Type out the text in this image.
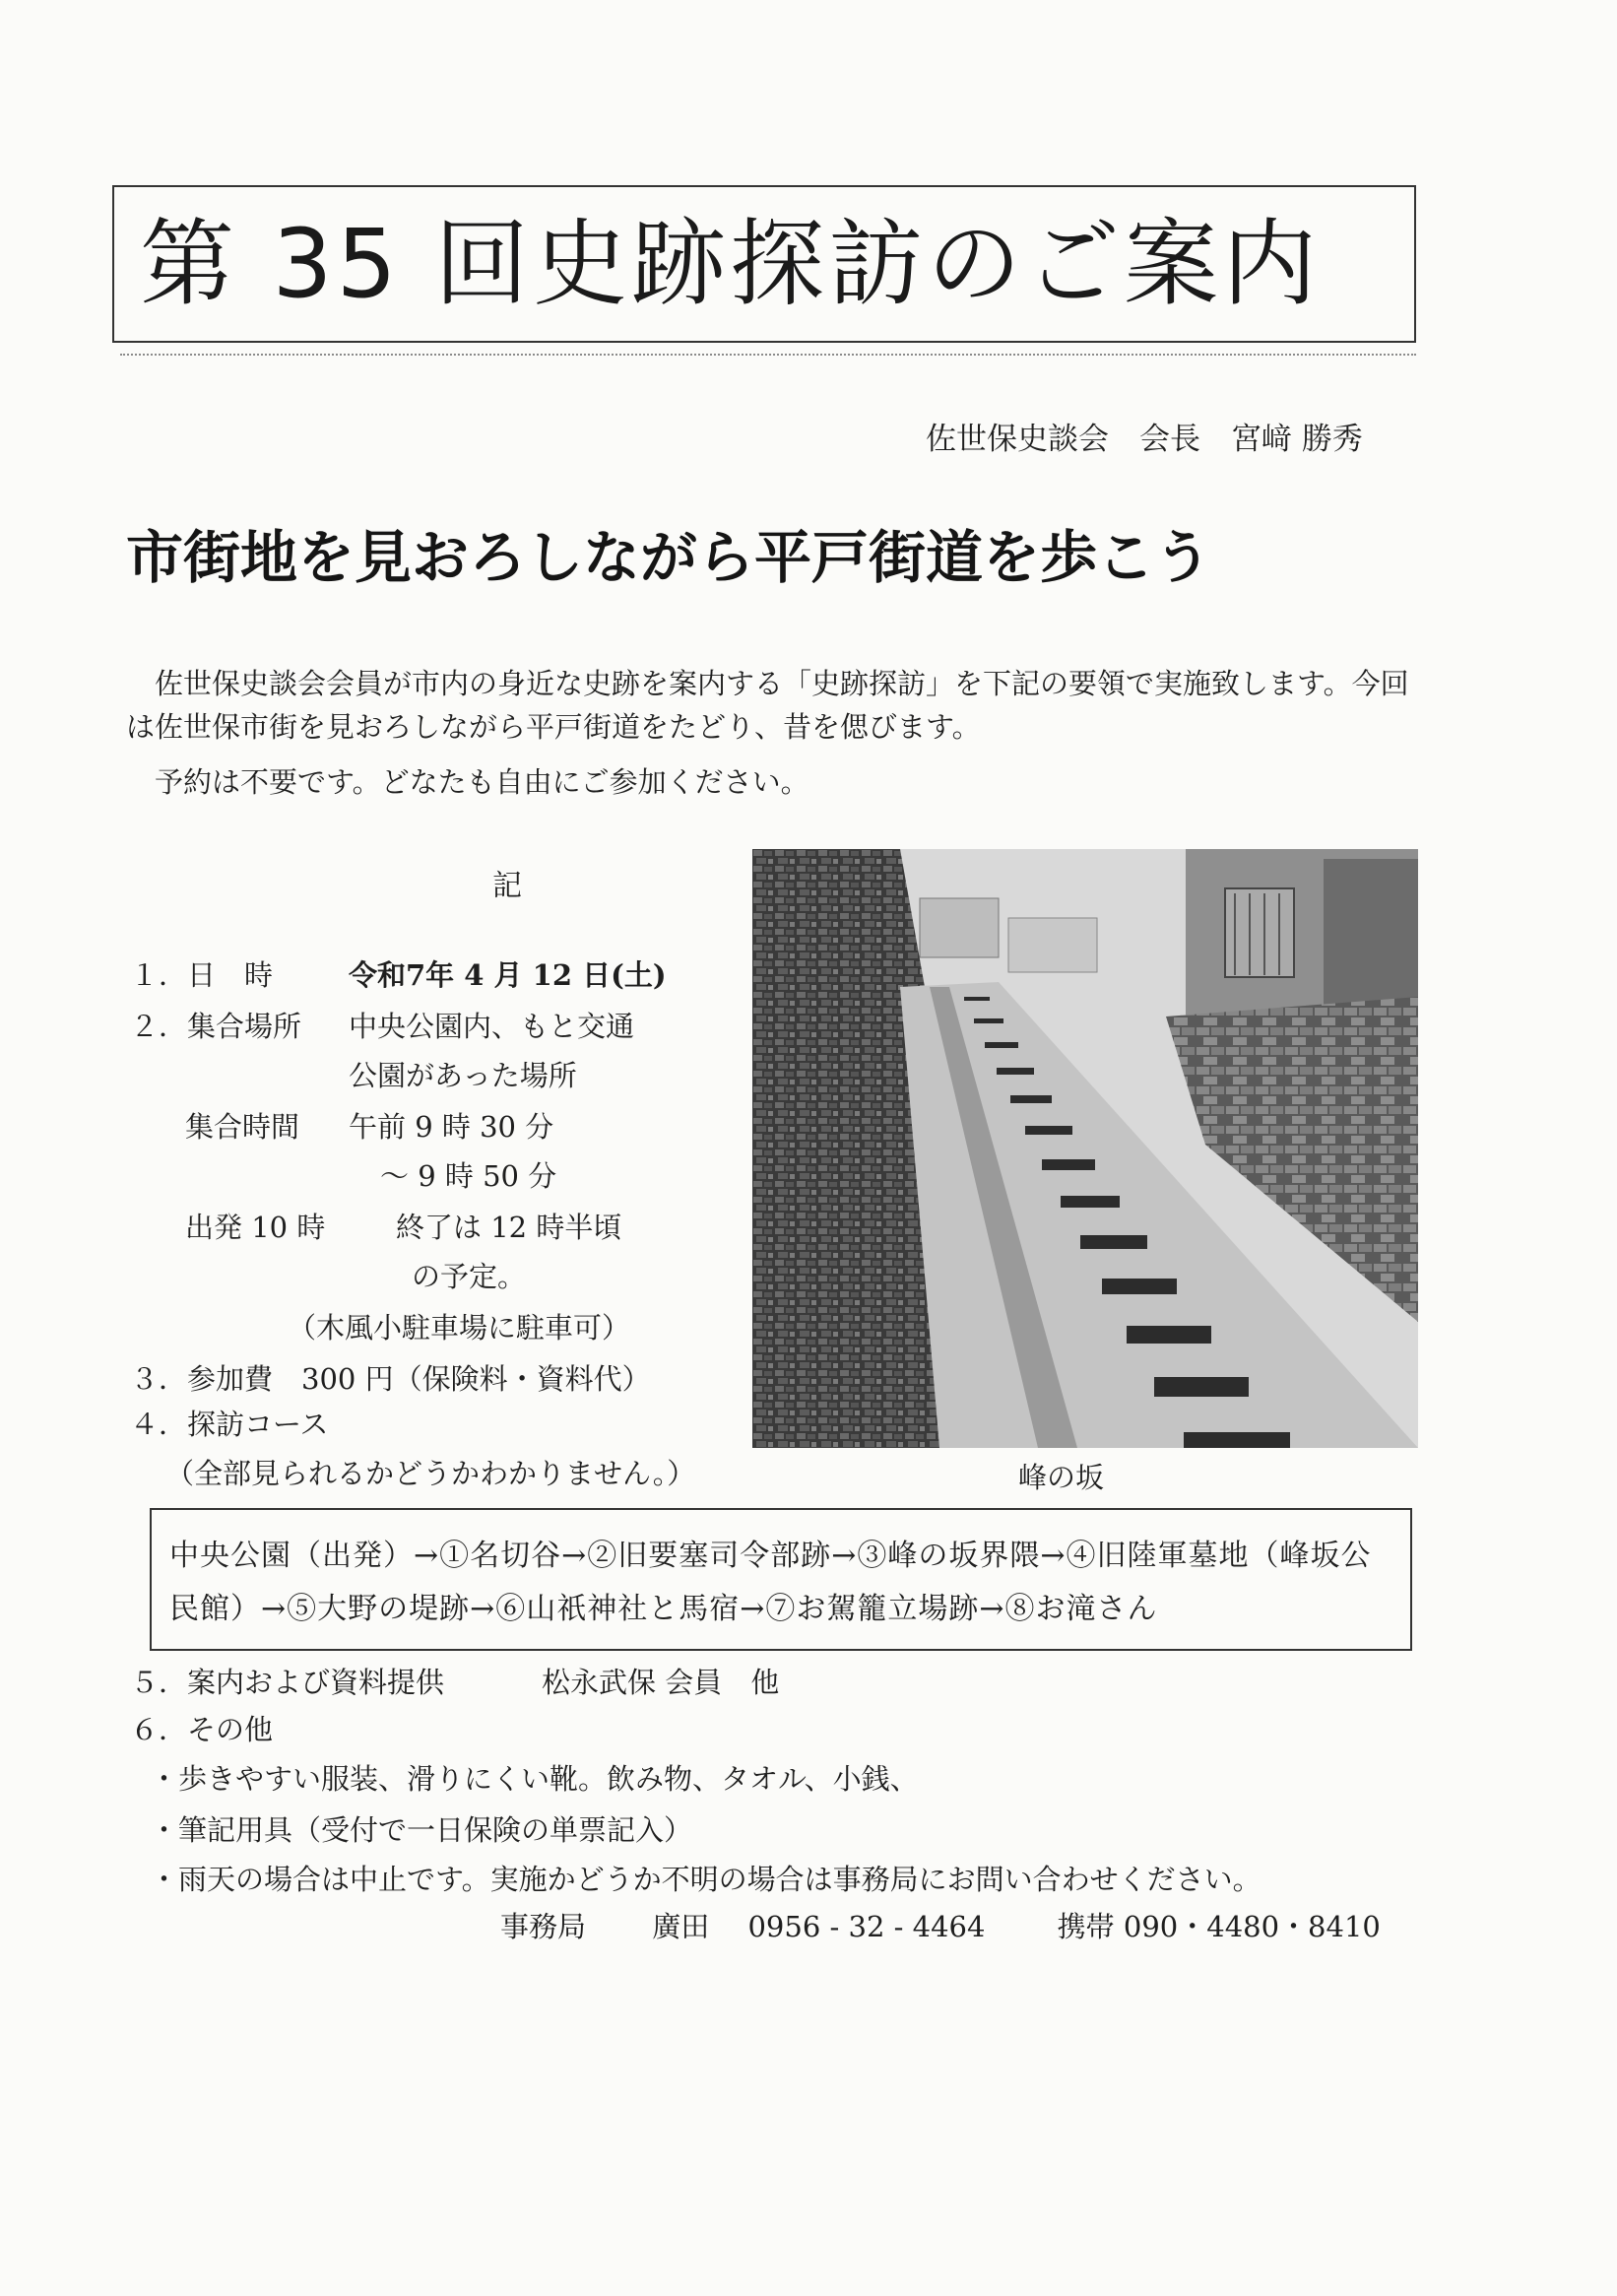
第 35 回史跡探訪のご案内
佐世保史談会　会長　宮﨑 勝秀
市街地を見おろしながら平戸街道を歩こう
佐世保史談会会員が市内の身近な史跡を案内する「史跡探訪」を下記の要領で実施致します。今回は佐世保市街を見おろしながら平戸街道をたどり、昔を偲びます。
予約は不要です。どなたも自由にご参加ください。
記
１．日　時	令和7年 4 月 12 日(土)
２．集合場所 中央公園内、もと交通
公園があった場所
集合時間 午前 9 時 30 分
～ 9 時 50 分
出発 10 時 終了は 12 時半頃
の予定。
（木風小駐車場に駐車可）
３．参加費　300 円（保険料・資料代）
４．探訪コース
（全部見られるかどうかわかりません。）	峰の坂
中央公園（出発）→①名切谷→②旧要塞司令部跡→③峰の坂界隈→④旧陸軍墓地（峰坂公民館）→⑤大野の堤跡→⑥山祇神社と馬宿→⑦お駕籠立場跡→⑧お滝さん
５．案内および資料提供	松永武保 会員　他
６．その他
・歩きやすい服装、滑りにくい靴。飲み物、タオル、小銭、
・筆記用具（受付で一日保険の単票記入）
・雨天の場合は中止です。実施かどうか不明の場合は事務局にお問い合わせください。
事務局 廣田 0956 - 32 - 4464	携帯 090・4480・8410
